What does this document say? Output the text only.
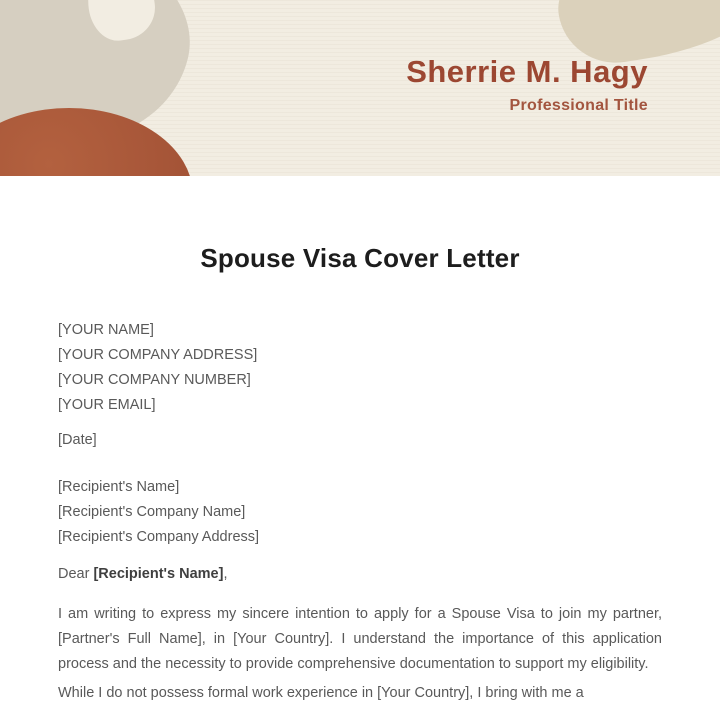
Sherrie M. Hagy
Professional Title
Spouse Visa Cover Letter

[YOUR NAME]

[YOUR COMPANY ADDRESS]

[YOUR COMPANY NUMBER]

[YOUR EMAIL]

[Date]

[Recipient's Name]

[Recipient's Company Name]

[Recipient's Company Address]

Dear [Recipient's Name],

I am writing to express my sincere intention to apply for a Spouse Visa to join my partner, [Partner's Full Name], in [Your Country]. I understand the importance of this application process and the necessity to provide comprehensive documentation to support my eligibility.

While I do not possess formal work experience in [Your Country], I bring with me a
